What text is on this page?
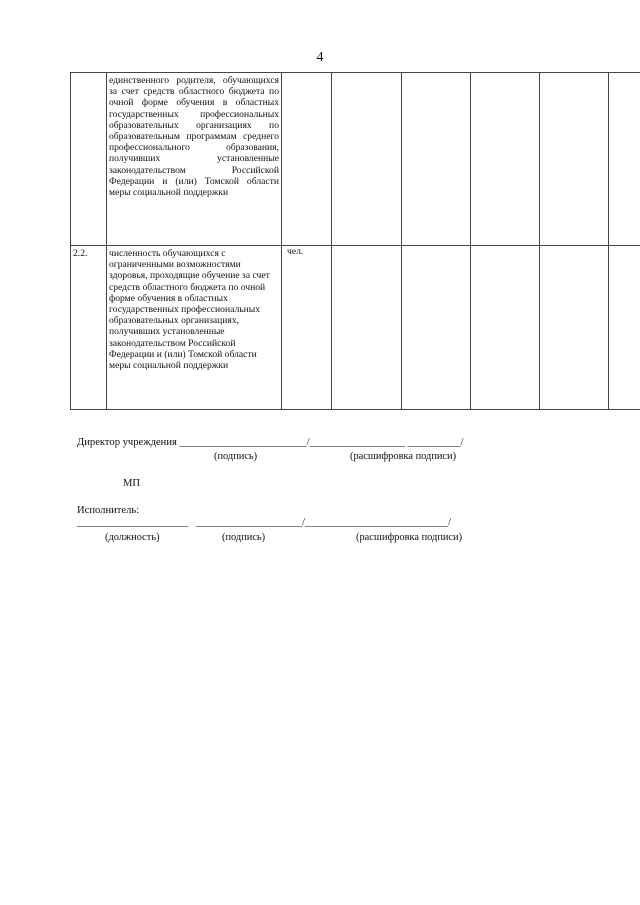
4
	единственного родителя, обучающихся за счет средств областного бюджета по очной форме обучения в областных государственных профессиональных образовательных организациях по образовательным программам среднего профессионального образования, получивших установленные законодательством Российской Федерации и (или) Томской области меры социальной поддержки						
2.2.	численность обучающихся с ограниченными возможностями здоровья, проходящие обучение за счет средств областного бюджета по очной форме обучения в областных государственных профессиональных образовательных организациях, получивших установленные законодательством Российской Федерации и (или) Томской области меры социальной поддержки	чел.					
Директор учреждения ________________________/__________________ __________/
(подпись)	(расшифровка подписи)
МП
Исполнитель:
_____________________   ____________________/___________________________/
(должность)	(подпись)	(расшифровка подписи)
